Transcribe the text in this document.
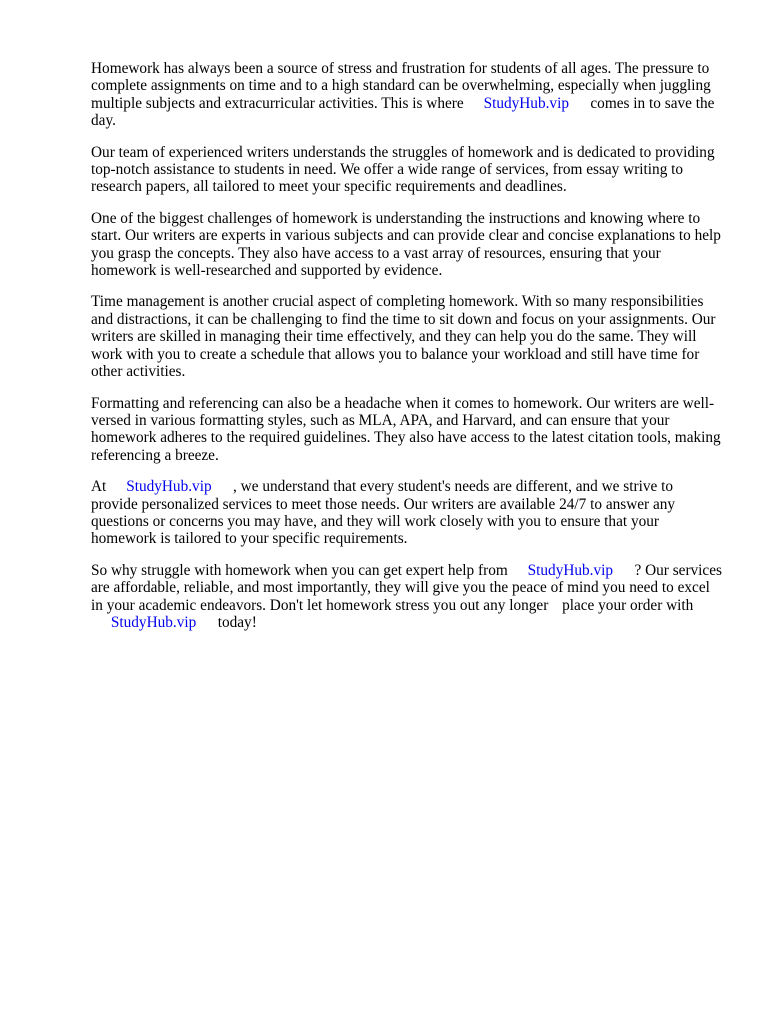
Homework has always been a source of stress and frustration for students of all ages. The pressure to complete assignments on time and to a high standard can be overwhelming, especially when juggling multiple subjects and extracurricular activities. This is where StudyHub.vip comes in to save the day.

Our team of experienced writers understands the struggles of homework and is dedicated to providing top-notch assistance to students in need. We offer a wide range of services, from essay writing to research papers, all tailored to meet your specific requirements and deadlines.

One of the biggest challenges of homework is understanding the instructions and knowing where to start. Our writers are experts in various subjects and can provide clear and concise explanations to help you grasp the concepts. They also have access to a vast array of resources, ensuring that your homework is well-researched and supported by evidence.

Time management is another crucial aspect of completing homework. With so many responsibilities and distractions, it can be challenging to find the time to sit down and focus on your assignments. Our writers are skilled in managing their time effectively, and they can help you do the same. They will work with you to create a schedule that allows you to balance your workload and still have time for other activities.

Formatting and referencing can also be a headache when it comes to homework. Our writers are well-versed in various formatting styles, such as MLA, APA, and Harvard, and can ensure that your homework adheres to the required guidelines. They also have access to the latest citation tools, making referencing a breeze.

At StudyHub.vip , we understand that every student's needs are different, and we strive to provide personalized services to meet those needs. Our writers are available 24/7 to answer any questions or concerns you may have, and they will work closely with you to ensure that your homework is tailored to your specific requirements.

So why struggle with homework when you can get expert help from StudyHub.vip ? Our services are affordable, reliable, and most importantly, they will give you the peace of mind you need to excel in your academic endeavors. Don't let homework stress you out any longer place your order withStudyHub.vip today!
